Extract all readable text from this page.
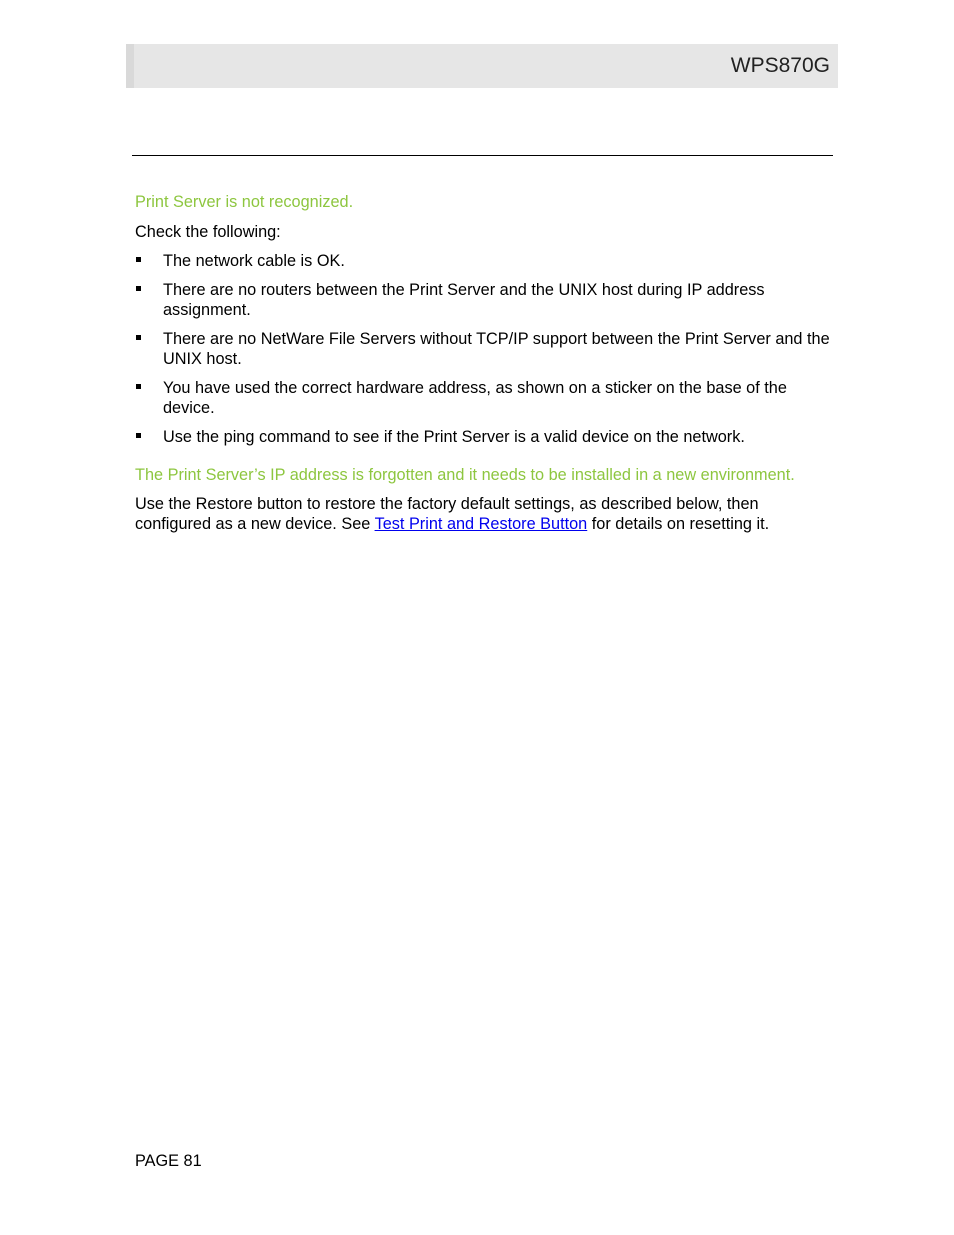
WPS870G

Print Server is not recognized.

Check the following:

The network cable is OK.
There are no routers between the Print Server and the UNIX host during IP address assignment.
There are no NetWare File Servers without TCP/IP support between the Print Server and the UNIX host.
You have used the correct hardware address, as shown on a sticker on the base of the device.
Use the ping command to see if the Print Server is a valid device on the network.

The Print Server’s IP address is forgotten and it needs to be installed in a new environment.

Use the Restore button to restore the factory default settings, as described below, then configured as a new device. See Test Print and Restore Button for details on resetting it.

PAGE 81
